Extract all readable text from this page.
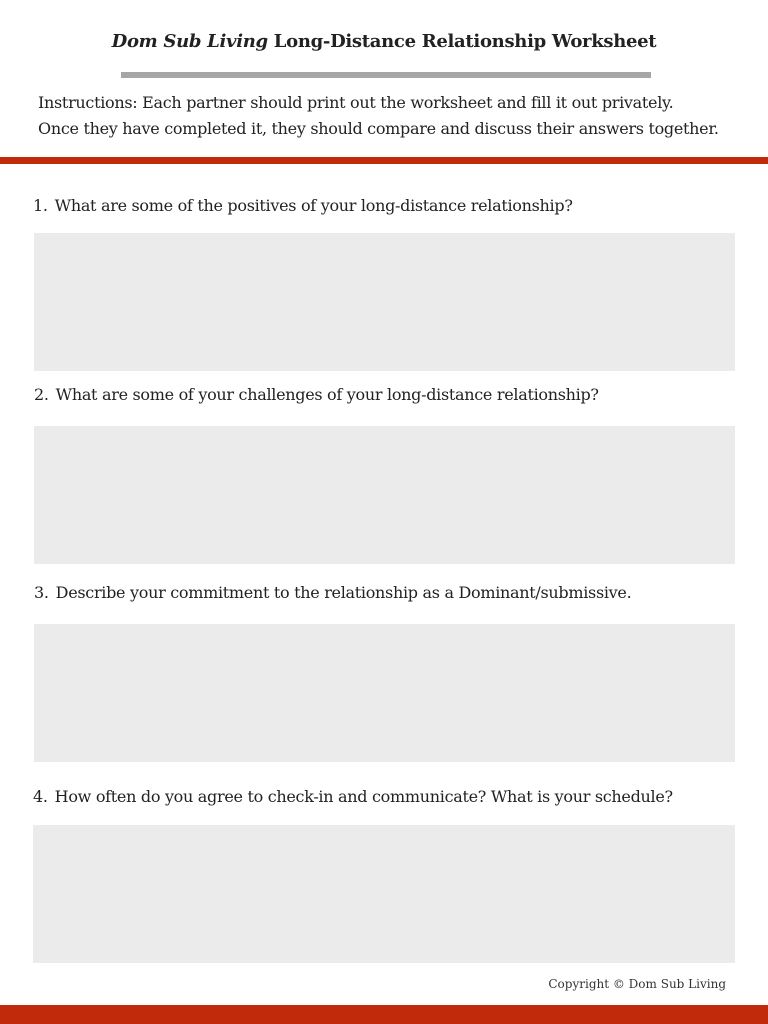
Dom Sub Living Long-Distance Relationship Worksheet
Instructions: Each partner should print out the worksheet and fill it out privately.
Once they have completed it, they should compare and discuss their answers together.
1. What are some of the positives of your long-distance relationship?
2. What are some of your challenges of your long-distance relationship?
3. Describe your commitment to the relationship as a Dominant/submissive.
4. How often do you agree to check-in and communicate? What is your schedule?
Copyright © Dom Sub Living
